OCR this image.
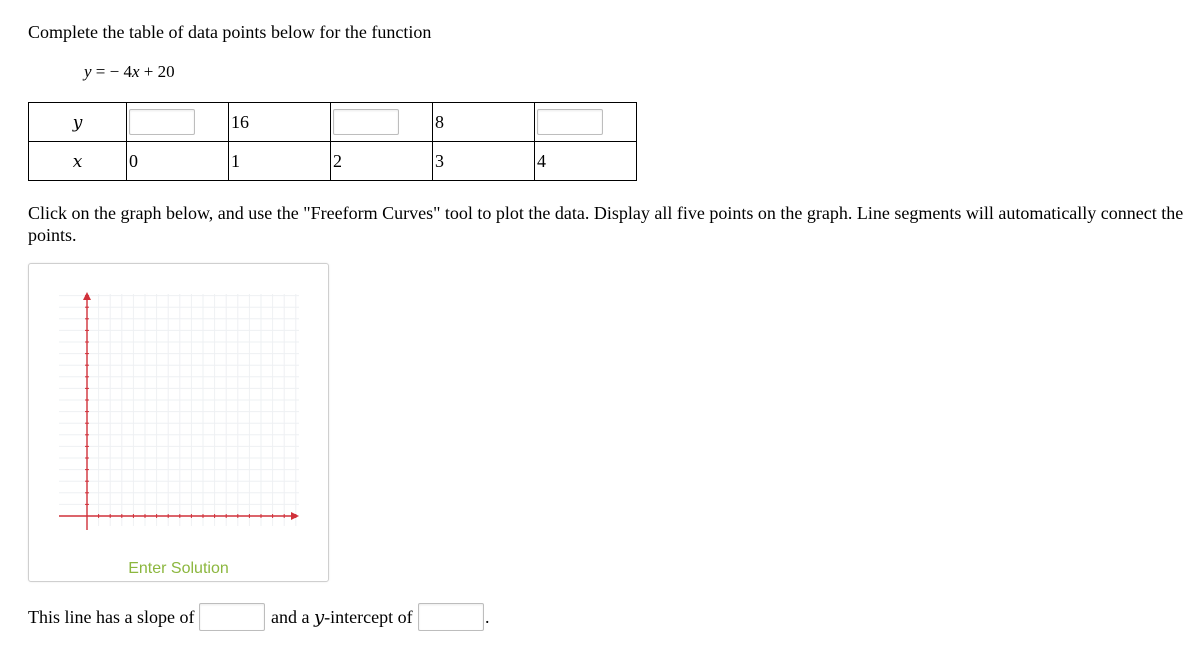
Complete the table of data points below for the function

y = − 4x + 20
y		16		8	

x	0	1	2	3	4

Click on the graph below, and use the "Freeform Curves" tool to plot the data. Display all five points on the graph. Line segments will automatically connect the points.

Enter Solution
This line has a slope of	and a y-intercept of	.
